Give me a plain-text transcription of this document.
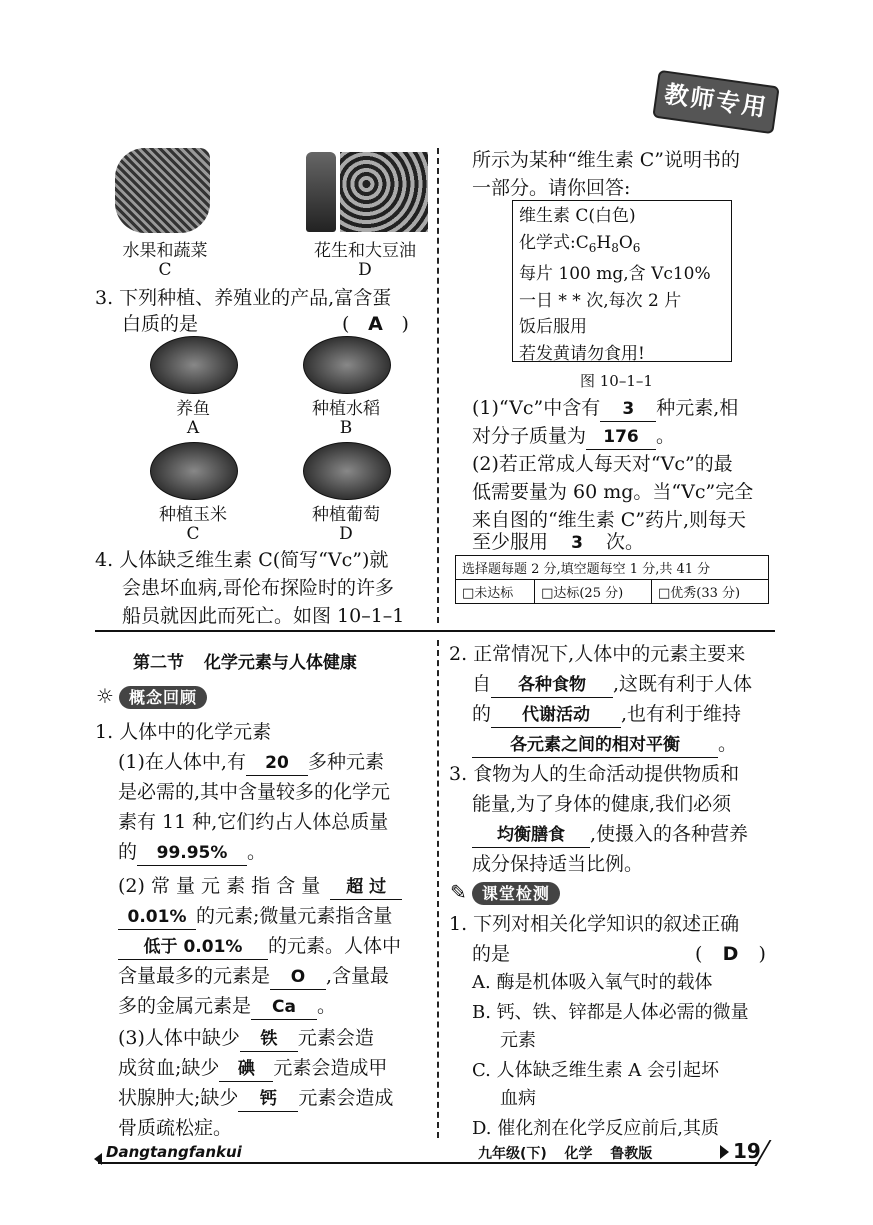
教师专用
水果和蔬菜
C
花生和大豆油
D
3. 下列种植、养殖业的产品,富含蛋
白质的是	( A )
养鱼
A
种植水稻
B
种植玉米
C
种植葡萄
D
4. 人体缺乏维生素 C(简写“Vc”)就
会患坏血病,哥伦布探险时的许多
船员就因此而死亡。如图 10–1–1
所示为某种“维生素 C”说明书的
一部分。请你回答:
维生素 C(白色)
化学式$:C_6H_8O_6$
每片 100 mg,含 Vc10%
一日 * * 次,每次 2 片
饭后服用
若发黄请勿食用!
图 10–1–1
(1)“Vc”中含有 3 种元素,相
对分子质量为 176 。
(2)若正常成人每天对“Vc”的最
低需要量为 60 mg。当“Vc”完全
来自图的“维生素 C”药片,则每天
至少服用 3 次。
选择题每题 2 分,填空题每空 1 分,共 41 分
□未达标	□达标(25 分)	□优秀(33 分)
第二节 化学元素与人体健康
☼ 概念回顾
1. 人体中的化学元素
(1)在人体中,有 20 多种元素
是必需的,其中含量较多的化学元
素有 11 种,它们约占人体总质量
的 99.95% 。
(2) 常 量 元 素 指 含 量 超 过
0.01% 的元素;微量元素指含量
低于 0.01% 的元素。人体中
含量最多的元素是 O ,含量最
多的金属元素是 Ca 。
(3)人体中缺少 铁 元素会造
成贫血;缺少 碘 元素会造成甲
状腺肿大;缺少 钙 元素会造成
骨质疏松症。
2. 正常情况下,人体中的元素主要来
自 各种食物 ,这既有利于人体
的 代谢活动 ,也有利于维持
各元素之间的相对平衡 。
3. 食物为人的生命活动提供物质和
能量,为了身体的健康,我们必须
均衡膳食 ,使摄入的各种营养
成分保持适当比例。
✎ 课堂检测
1. 下列对相关化学知识的叙述正确
的是	( D )
A. 酶是机体吸入氧气时的载体
B. 钙、铁、锌都是人体必需的微量
元素
C. 人体缺乏维生素 A 会引起坏
血病
D. 催化剂在化学反应前后,其质
Dangtangfankui	九年级(下) 化学 鲁教版	19
